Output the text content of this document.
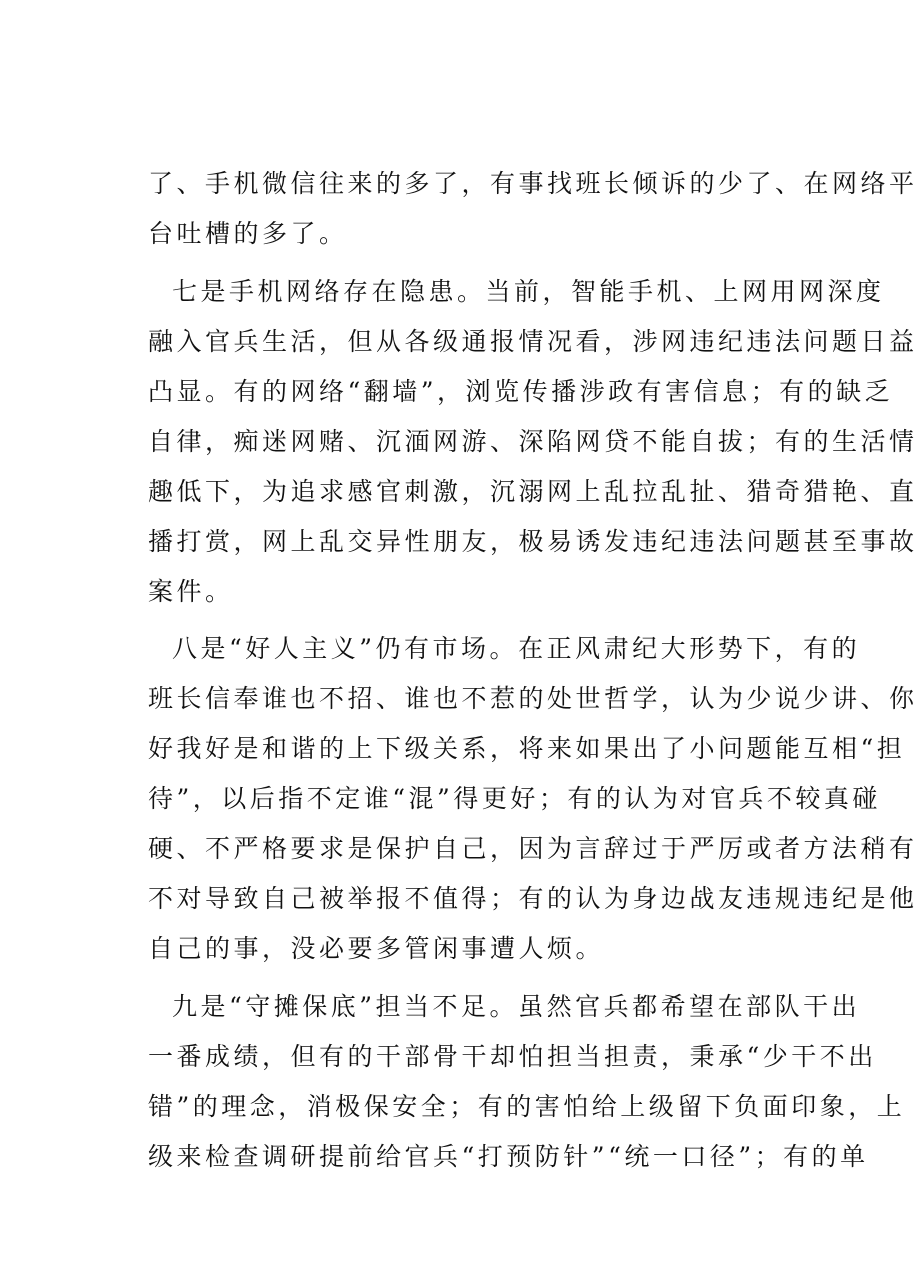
了、手机微信往来的多了，有事找班长倾诉的少了、在网络平
台吐槽的多了。
七是手机网络存在隐患。当前，智能手机、上网用网深度
融入官兵生活，但从各级通报情况看，涉网违纪违法问题日益
凸显。有的网络“翻墙”，浏览传播涉政有害信息；有的缺乏
自律，痴迷网赌、沉湎网游、深陷网贷不能自拔；有的生活情
趣低下，为追求感官刺激，沉溺网上乱拉乱扯、猎奇猎艳、直
播打赏，网上乱交异性朋友，极易诱发违纪违法问题甚至事故
案件。
八是“好人主义”仍有市场。在正风肃纪大形势下，有的
班长信奉谁也不招、谁也不惹的处世哲学，认为少说少讲、你
好我好是和谐的上下级关系，将来如果出了小问题能互相“担
待”，以后指不定谁“混”得更好；有的认为对官兵不较真碰
硬、不严格要求是保护自己，因为言辞过于严厉或者方法稍有
不对导致自己被举报不值得；有的认为身边战友违规违纪是他
自己的事，没必要多管闲事遭人烦。
九是“守摊保底”担当不足。虽然官兵都希望在部队干出
一番成绩，但有的干部骨干却怕担当担责，秉承“少干不出
错”的理念，消极保安全；有的害怕给上级留下负面印象，上
级来检查调研提前给官兵“打预防针”“统一口径”；有的单
